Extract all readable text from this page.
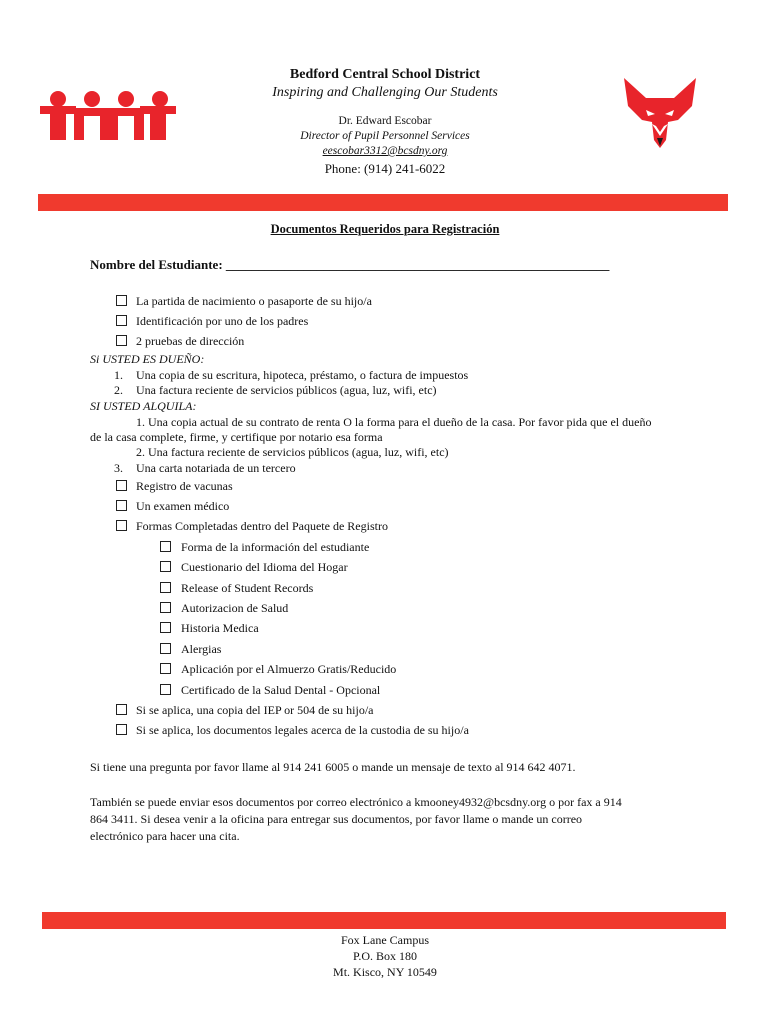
Bedford Central School District
Inspiring and Challenging Our Students
Dr. Edward Escobar
Director of Pupil Personnel Services
eescobar3312@bcsdny.org
Phone: (914) 241-6022
Documentos Requeridos para Registración
Nombre del Estudiante: ___________________________________________________________
La partida de nacimiento o pasaporte de su hijo/a
Identificación por uno de los padres
2 pruebas de dirección
Si USTED ES DUEÑO:
1. Una copia de su escritura, hipoteca, préstamo, o factura de impuestos
2. Una factura reciente de servicios públicos (agua, luz, wifi, etc)
SI USTED ALQUILA:
1. Una copia actual de su contrato de renta O la forma para el dueño de la casa. Por favor pida que el dueño
de la casa complete, firme, y certifique por notario esa forma
2. Una factura reciente de servicios públicos (agua, luz, wifi, etc)
3. Una carta notariada de un tercero
Registro de vacunas
Un examen médico
Formas Completadas dentro del Paquete de Registro
Forma de la información del estudiante
Cuestionario del Idioma del Hogar
Release of Student Records
Autorizacion de Salud
Historia Medica
Alergias
Aplicación por el Almuerzo Gratis/Reducido
Certificado de la Salud Dental - Opcional
Si se aplica, una copia del IEP or 504 de su hijo/a
Si se aplica, los documentos legales acerca de la custodia de su hijo/a
Si tiene una pregunta por favor llame al 914 241 6005 o mande un mensaje de texto al 914 642 4071.
También se puede enviar esos documentos por correo electrónico a kmooney4932@bcsdny.org o por fax a 914
864 3411. Si desea venir a la oficina para entregar sus documentos, por favor llame o mande un correo
electrónico para hacer una cita.
Fox Lane Campus
P.O. Box 180
Mt. Kisco, NY 10549
